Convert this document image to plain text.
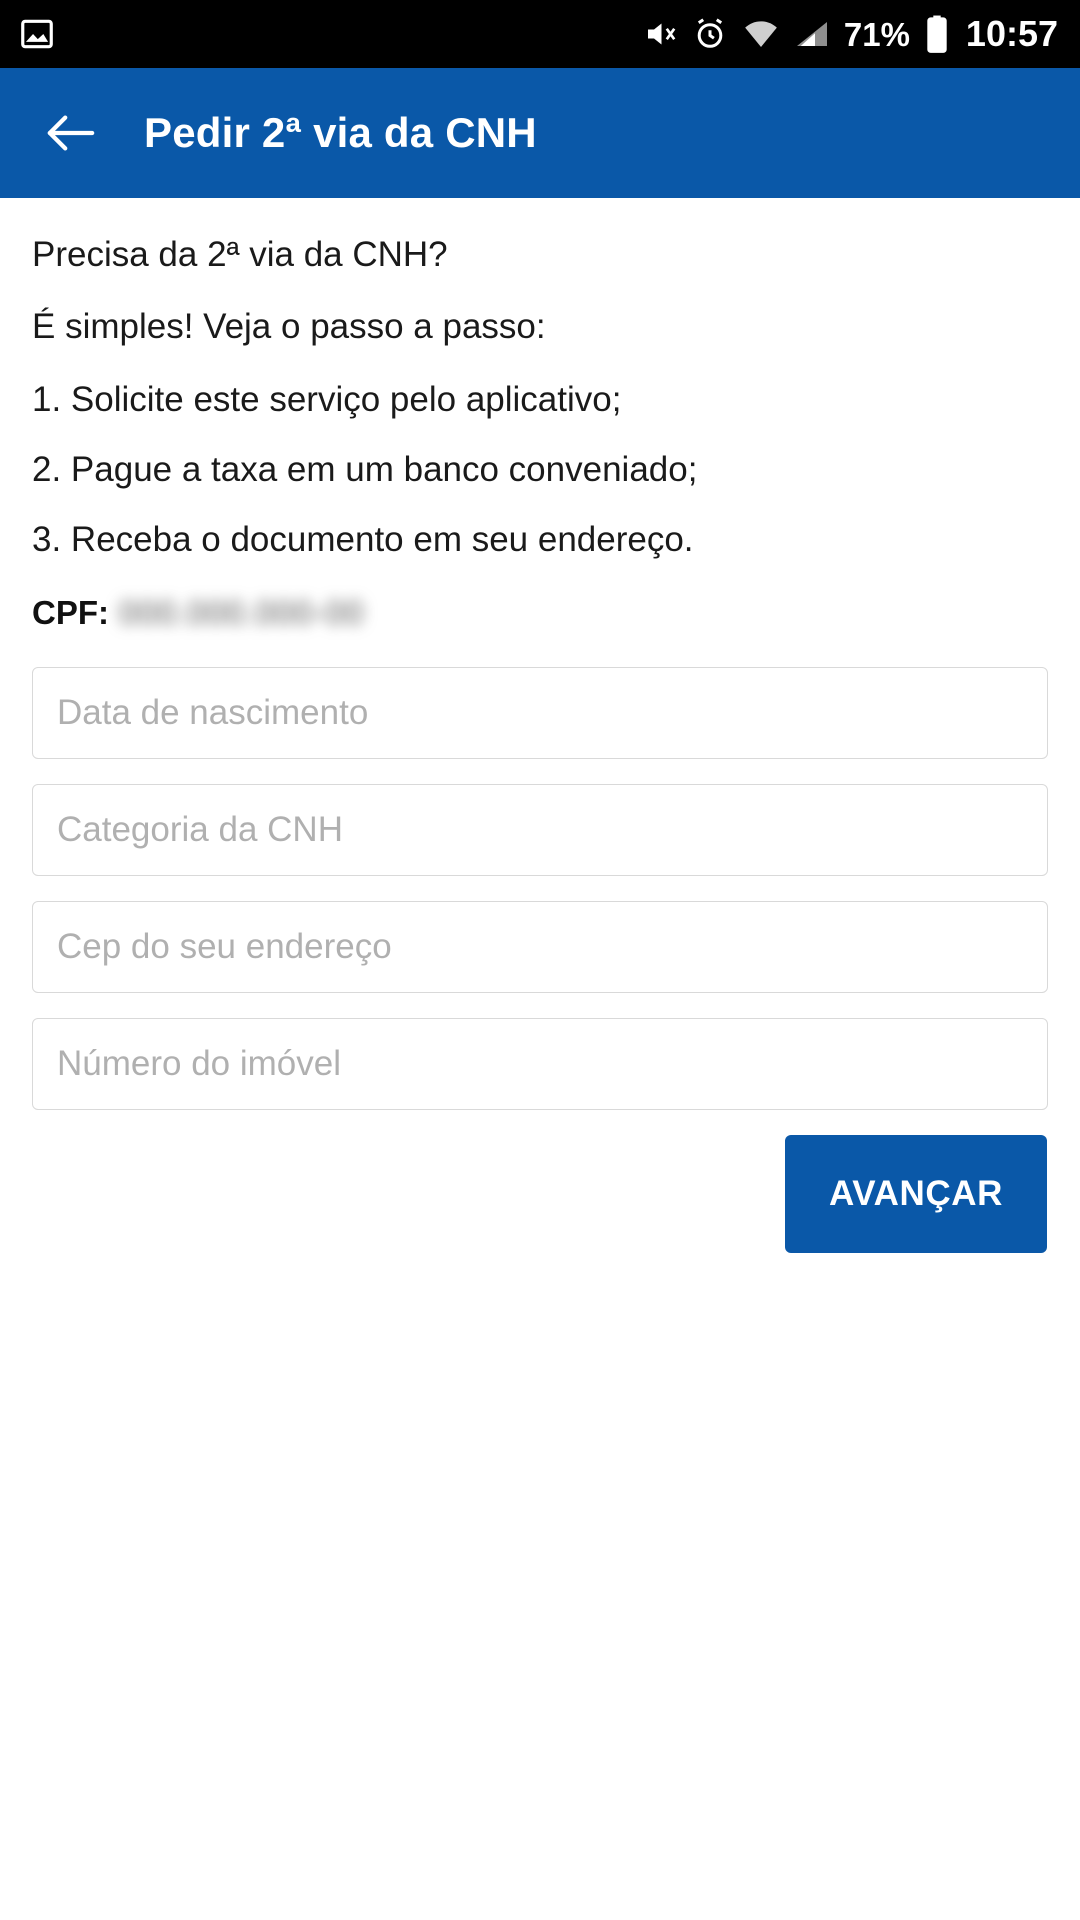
71% 10:57
Pedir 2ª via da CNH
Precisa da 2ª via da CNH?
É simples! Veja o passo a passo:
1. Solicite este serviço pelo aplicativo;
2. Pague a taxa em um banco conveniado;
3. Receba o documento em seu endereço.
CPF: 000.000.000-00
Data de nascimento
Categoria da CNH
Cep do seu endereço
Número do imóvel
AVANÇAR
